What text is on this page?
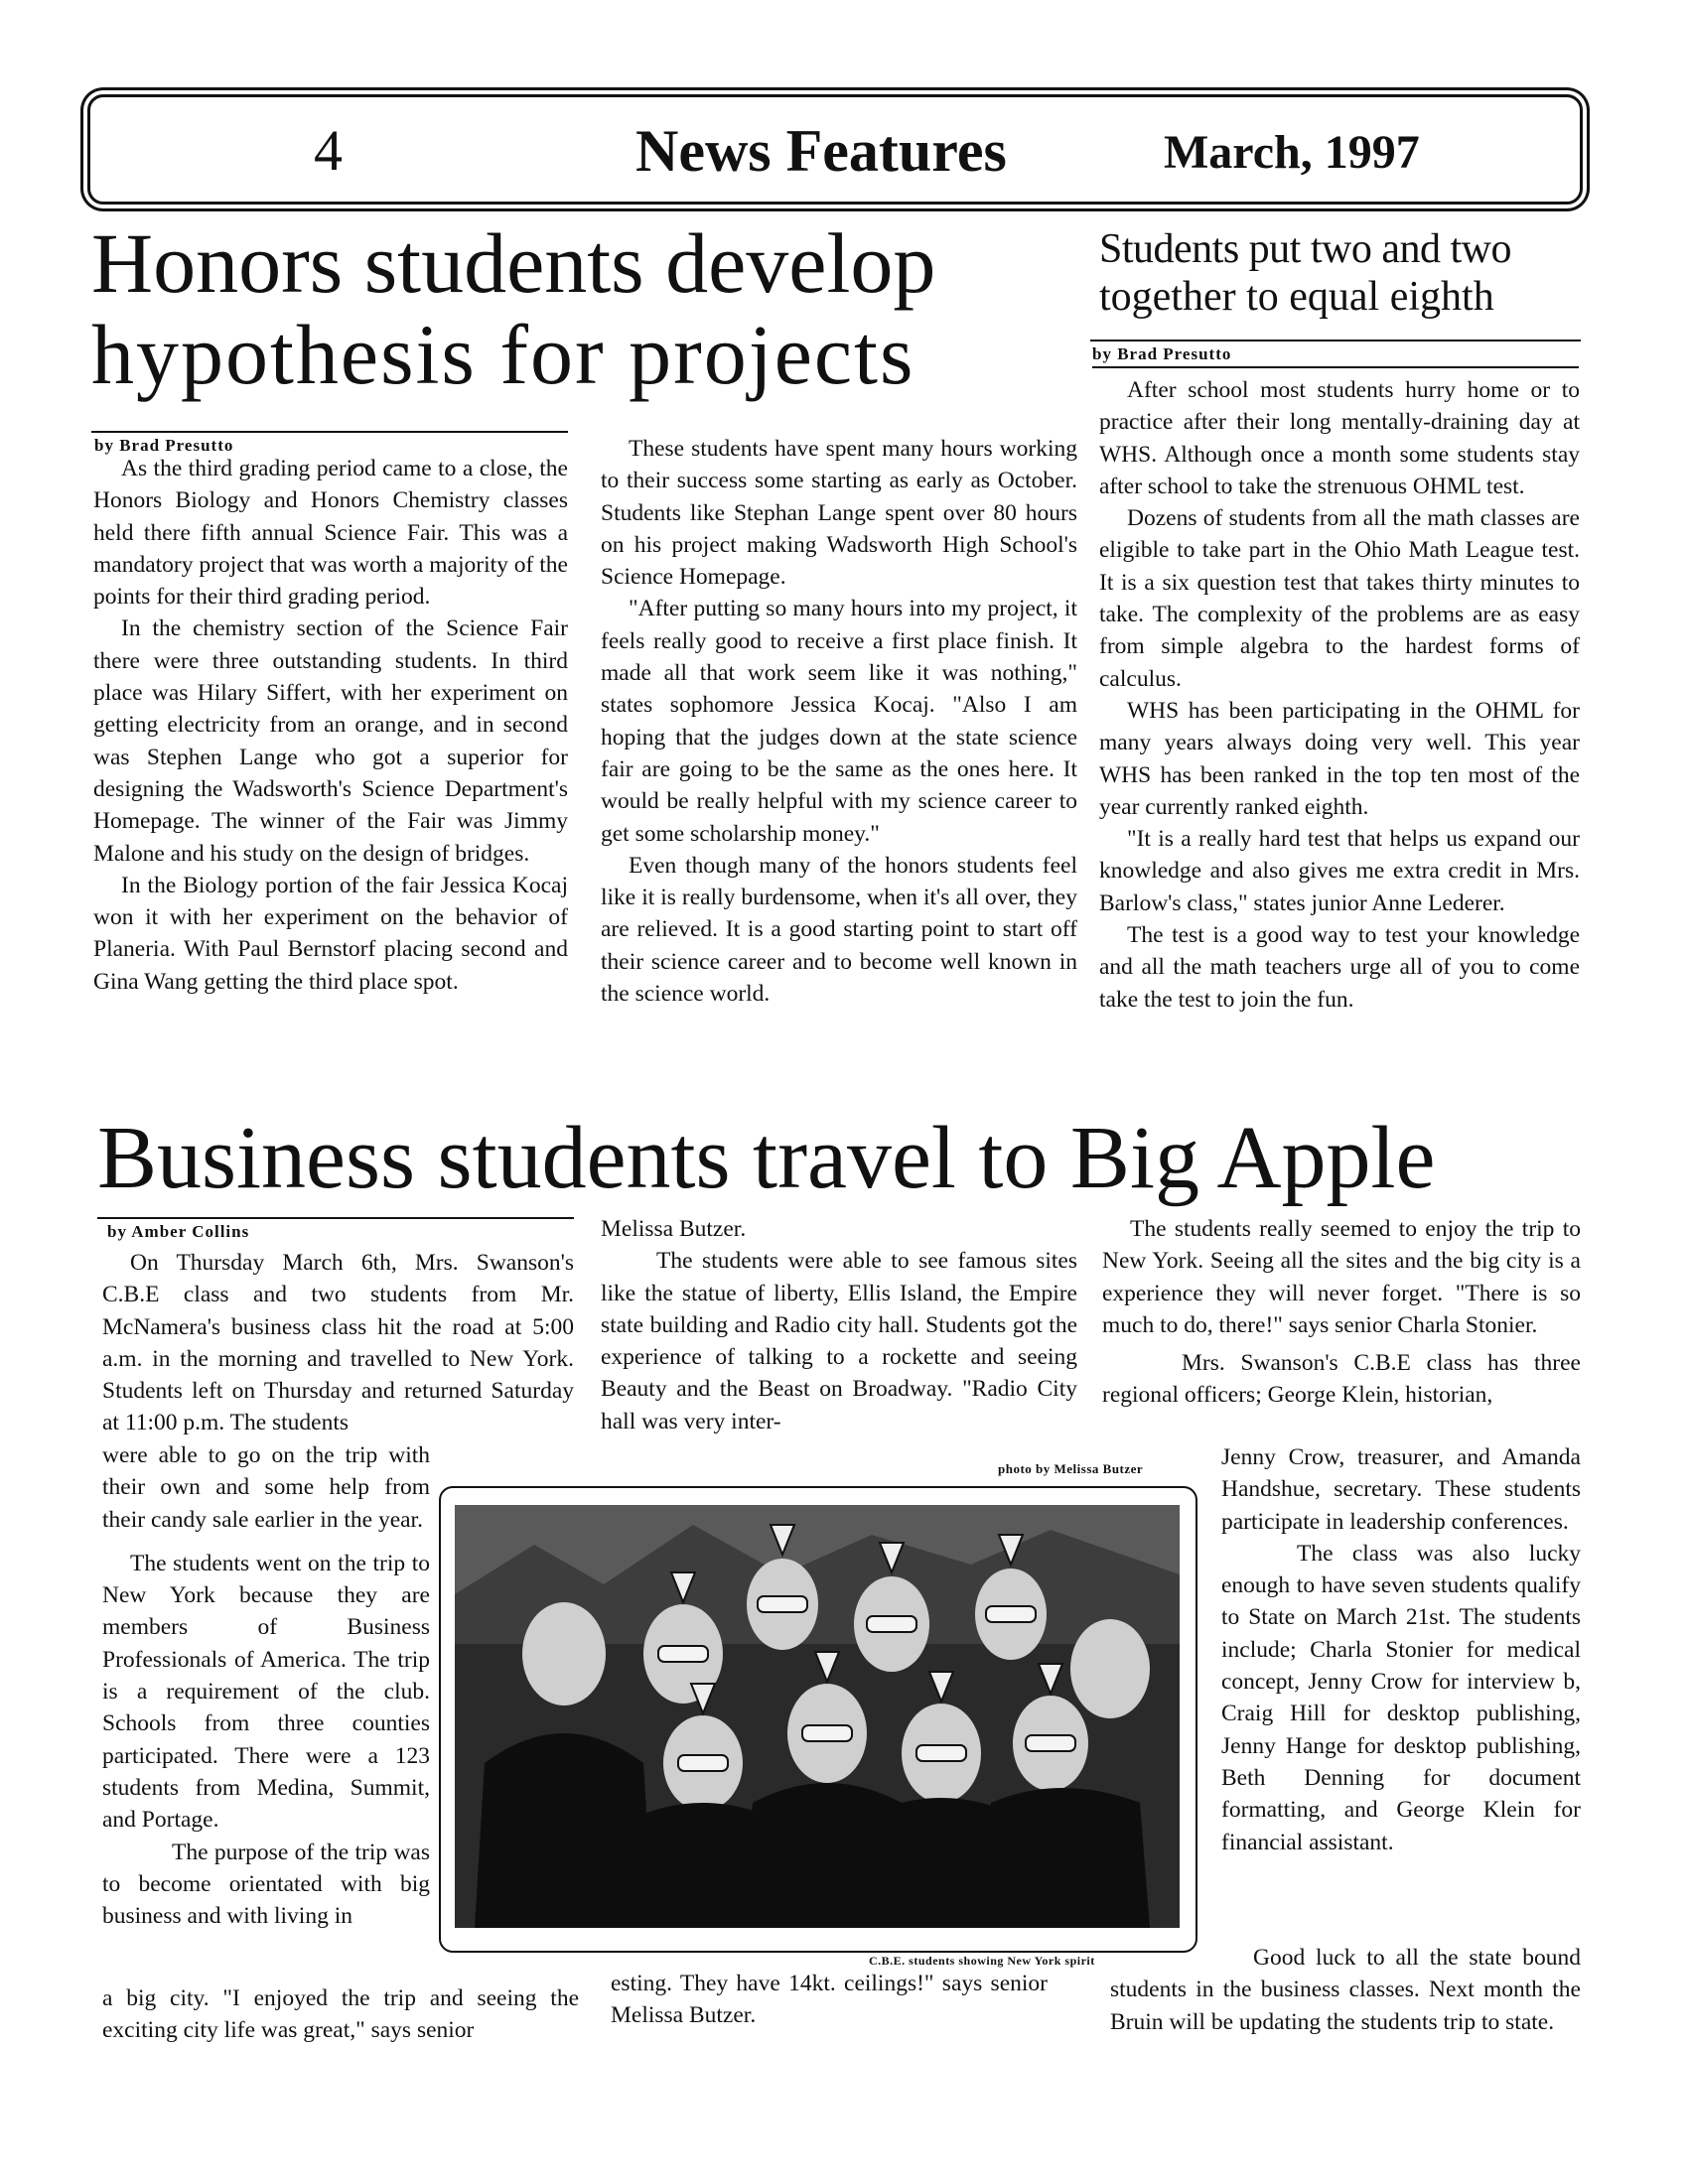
4	News Features	March, 1997
Honors students develop
hypothesis for projects
by Brad Presutto

As the third grading period came to a close, the Honors Biology and Honors Chemistry classes held there fifth annual Science Fair. This was a mandatory project that was worth a majority of the points for their third grading period.

In the chemistry section of the Science Fair there were three outstanding students. In third place was Hilary Siffert, with her experiment on getting electricity from an orange, and in second was Stephen Lange who got a superior for designing the Wadsworth's Science Department's Homepage. The winner of the Fair was Jimmy Malone and his study on the design of bridges.

In the Biology portion of the fair Jessica Kocaj won it with her experiment on the behavior of Planeria. With Paul Bernstorf placing second and Gina Wang getting the third place spot.

These students have spent many hours working to their success some starting as early as October. Students like Stephan Lange spent over 80 hours on his project making Wadsworth High School's Science Homepage.

"After putting so many hours into my project, it feels really good to receive a first place finish. It made all that work seem like it was nothing," states sophomore Jessica Kocaj. "Also I am hoping that the judges down at the state science fair are going to be the same as the ones here. It would be really helpful with my science career to get some scholarship money."

Even though many of the honors students feel like it is really burdensome, when it's all over, they are relieved. It is a good starting point to start off their science career and to become well known in the science world.

Students put two and two
together to equal eighth
by Brad Presutto

After school most students hurry home or to practice after their long mentally-draining day at WHS. Although once a month some students stay after school to take the strenuous OHML test.

Dozens of students from all the math classes are eligible to take part in the Ohio Math League test. It is a six question test that takes thirty minutes to take. The complexity of the problems are as easy from simple algebra to the hardest forms of calculus.

WHS has been participating in the OHML for many years always doing very well. This year WHS has been ranked in the top ten most of the year currently ranked eighth.

"It is a really hard test that helps us expand our knowledge and also gives me extra credit in Mrs. Barlow's class," states junior Anne Lederer.

The test is a good way to test your knowledge and all the math teachers urge all of you to come take the test to join the fun.

Business students travel to Big Apple
by Amber Collins

On Thursday March 6th, Mrs. Swanson's C.B.E class and two students from Mr. McNamera's business class hit the road at 5:00 a.m. in the morning and travelled to New York. Students left on Thursday and returned Saturday at 11:00 p.m. The students

were able to go on the trip with their own and some help from their candy sale earlier in the year.

The students went on the trip to New York because they are members of Business Professionals of America. The trip is a requirement of the club. Schools from three counties participated. There were a 123 students from Medina, Summit, and Portage.

The purpose of the trip was to become orientated with big business and with living in

a big city. "I enjoyed the trip and seeing the exciting city life was great," says senior

Melissa Butzer.

The students were able to see famous sites like the statue of liberty, Ellis Island, the Empire state building and Radio city hall. Students got the experience of talking to a rockette and seeing Beauty and the Beast on Broadway. "Radio City hall was very inter-

esting. They have 14kt. ceilings!" says senior Melissa Butzer.

The students really seemed to enjoy the trip to New York. Seeing all the sites and the big city is a experience they will never forget. "There is so much to do, there!" says senior Charla Stonier.

Mrs. Swanson's C.B.E class has three regional officers; George Klein, historian,

Jenny Crow, treasurer, and Amanda Handshue, secretary. These students participate in leadership conferences.

The class was also lucky enough to have seven students qualify to State on March 21st. The students include; Charla Stonier for medical concept, Jenny Crow for interview b, Craig Hill for desktop publishing, Jenny Hange for desktop publishing, Beth Denning for document formatting, and George Klein for financial assistant.

Good luck to all the state bound students in the business classes. Next month the Bruin will be updating the students trip to state.

photo by Melissa Butzer
C.B.E. students showing New York spirit
